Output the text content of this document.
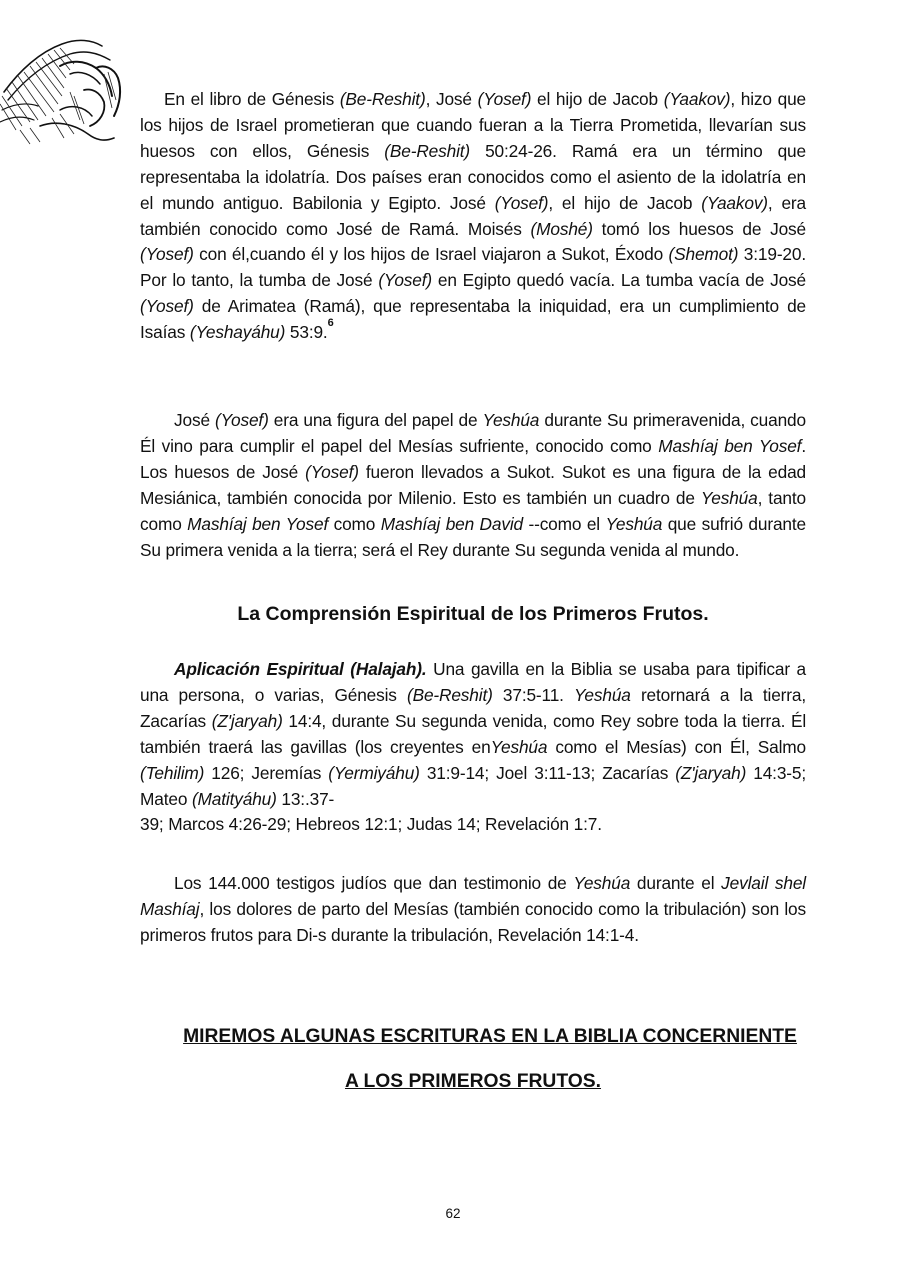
En el libro de Génesis (Be-Reshit), José (Yosef) el hijo de Jacob (Yaakov), hizo que los hijos de Israel prometieran que cuando fueran a la Tierra Prometida, llevarían sus huesos con ellos, Génesis (Be-Reshit) 50:24-26. Ramá era un término que representaba la idolatría. Dos países eran conocidos como el asiento de la idolatría en el mundo antiguo. Babilonia y Egipto. José (Yosef), el hijo de Jacob (Yaakov), era también conocido como José de Ramá. Moisés (Moshé) tomó los huesos de José (Yosef) con él,cuando él y los hijos de Israel viajaron a Sukot, Éxodo (Shemot) 3:19-20. Por lo tanto, la tumba de José (Yosef) en Egipto quedó vacía. La tumba vacía de José (Yosef) de Arimatea (Ramá), que representaba la iniquidad, era un cumplimiento de Isaías (Yeshayáhu) 53:9.$^6$

José (Yosef) era una figura del papel de Yeshúa durante Su primeravenida, cuando Él vino para cumplir el papel del Mesías sufriente, conocido como Mashíaj ben Yosef. Los huesos de José (Yosef) fueron llevados a Sukot. Sukot es una figura de la edad Mesiánica, también conocida por Milenio. Esto es también un cuadro de Yeshúa, tanto como Mashíaj ben Yosef como Mashíaj ben David --como el Yeshúa que sufrió durante Su primera venida a la tierra; será el Rey durante Su segunda venida al mundo.

La Comprensión Espiritual de los Primeros Frutos.

Aplicación Espiritual (Halajah). Una gavilla en la Biblia se usaba para tipificar a una persona, o varias, Génesis (Be-Reshit) 37:5-11. Yeshúa retornará a la tierra, Zacarías (Z'jaryah) 14:4, durante Su segunda venida, como Rey sobre toda la tierra. Él también traerá las gavillas (los creyentes enYeshúa como el Mesías) con Él, Salmo (Tehilim) 126; Jeremías (Yermiyáhu) 31:9-14; Joel 3:11-13; Zacarías (Z'jaryah) 14:3-5; Mateo (Matityáhu) 13:.37-
39; Marcos 4:26-29; Hebreos 12:1; Judas 14; Revelación 1:7.

Los 144.000 testigos judíos que dan testimonio de Yeshúa durante el Jevlail shel Mashíaj, los dolores de parto del Mesías (también conocido como la tribulación) son los primeros frutos para Di-s durante la tribulación, Revelación 14:1-4.

MIREMOS ALGUNAS ESCRITURAS EN LA BIBLIA CONCERNIENTE
A LOS PRIMEROS FRUTOS.
62
